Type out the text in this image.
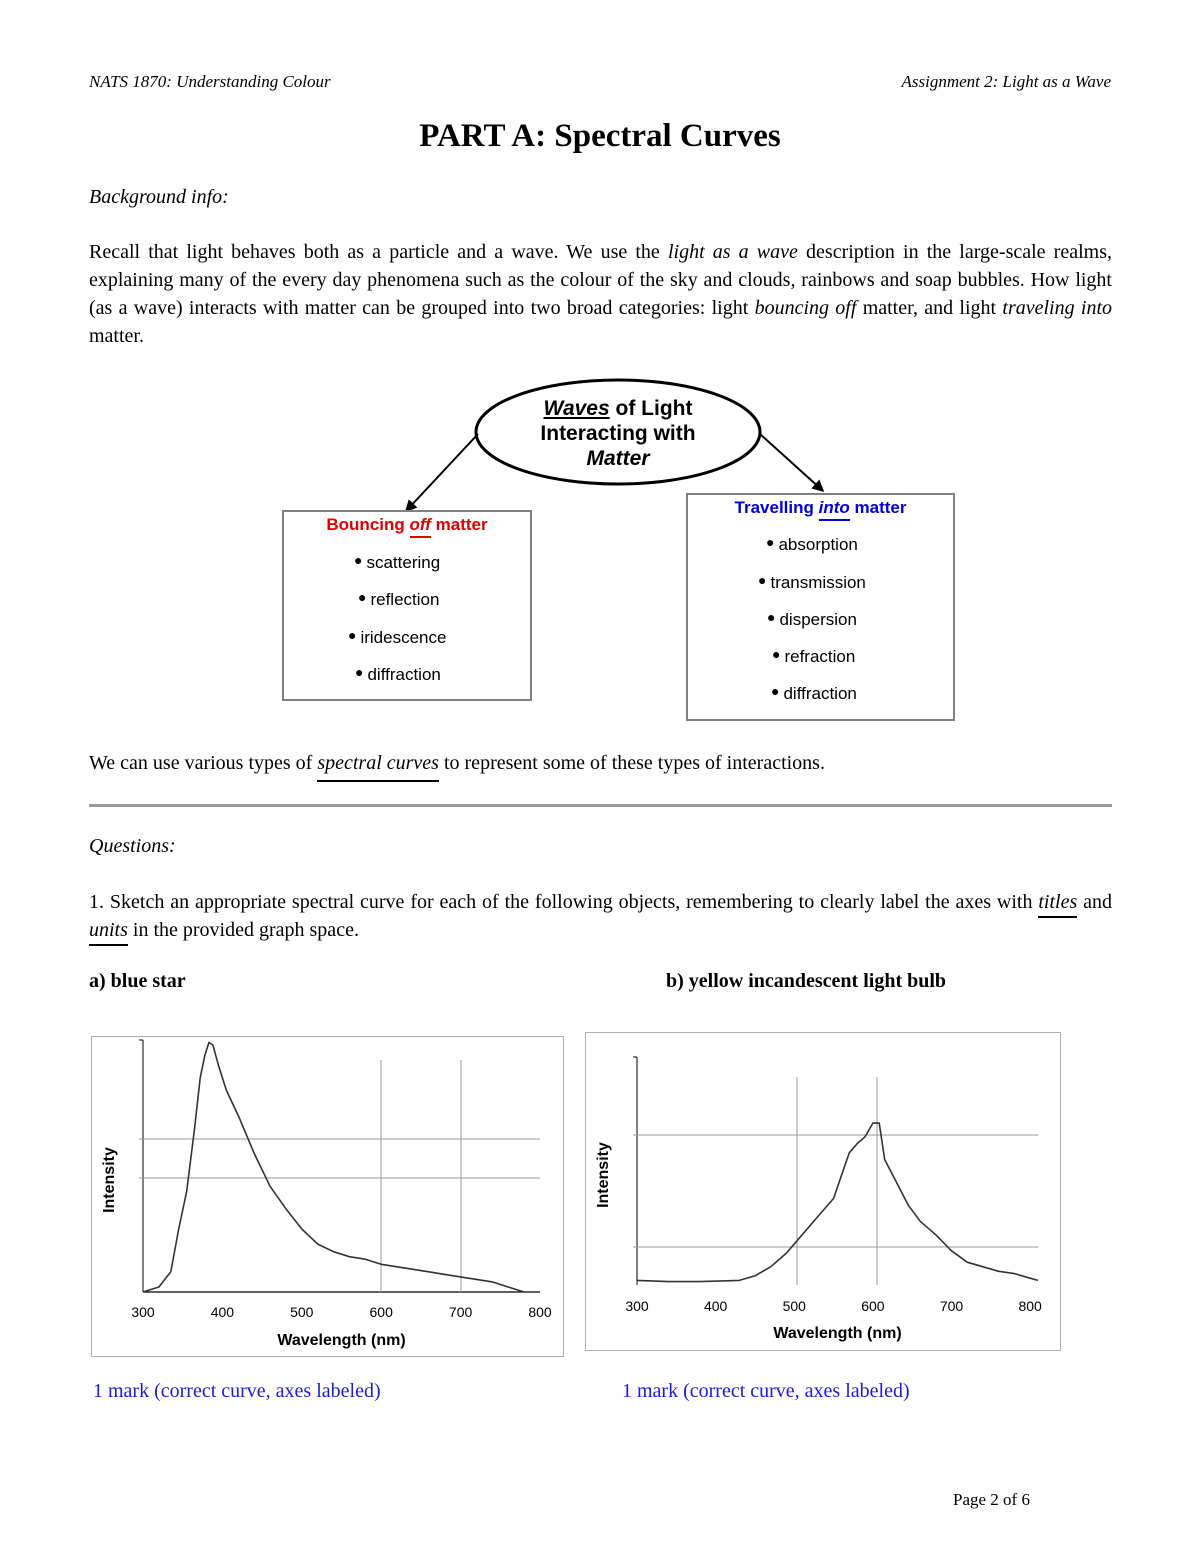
NATS 1870: Understanding Colour	Assignment 2: Light as a Wave
PART A: Spectral Curves
Background info:
Recall that light behaves both as a particle and a wave. We use the light as a wave description in the large-scale realms, explaining many of the every day phenomena such as the colour of the sky and clouds, rainbows and soap bubbles. How light (as a wave) interacts with matter can be grouped into two broad categories: light bouncing off matter, and light traveling into matter.
Waves of Light
Interacting with
Matter
Bouncing off matter
● scattering
● reflection
● iridescence
● diffraction
Travelling into matter
● absorption
● transmission
● dispersion
● refraction
● diffraction
We can use various types of spectral curves to represent some of these types of interactions.
Questions:
1. Sketch an appropriate spectral curve for each of the following objects, remembering to clearly label the axes with titles and units in the provided graph space.
a) blue star	b) yellow incandescent light bulb
300	400	500	600	700	800
Wavelength (nm)
Intensity
300	400	500	600	700	800
Wavelength (nm)
Intensity
1 mark (correct curve, axes labeled)	1 mark (correct curve, axes labeled)
Page 2 of 6
